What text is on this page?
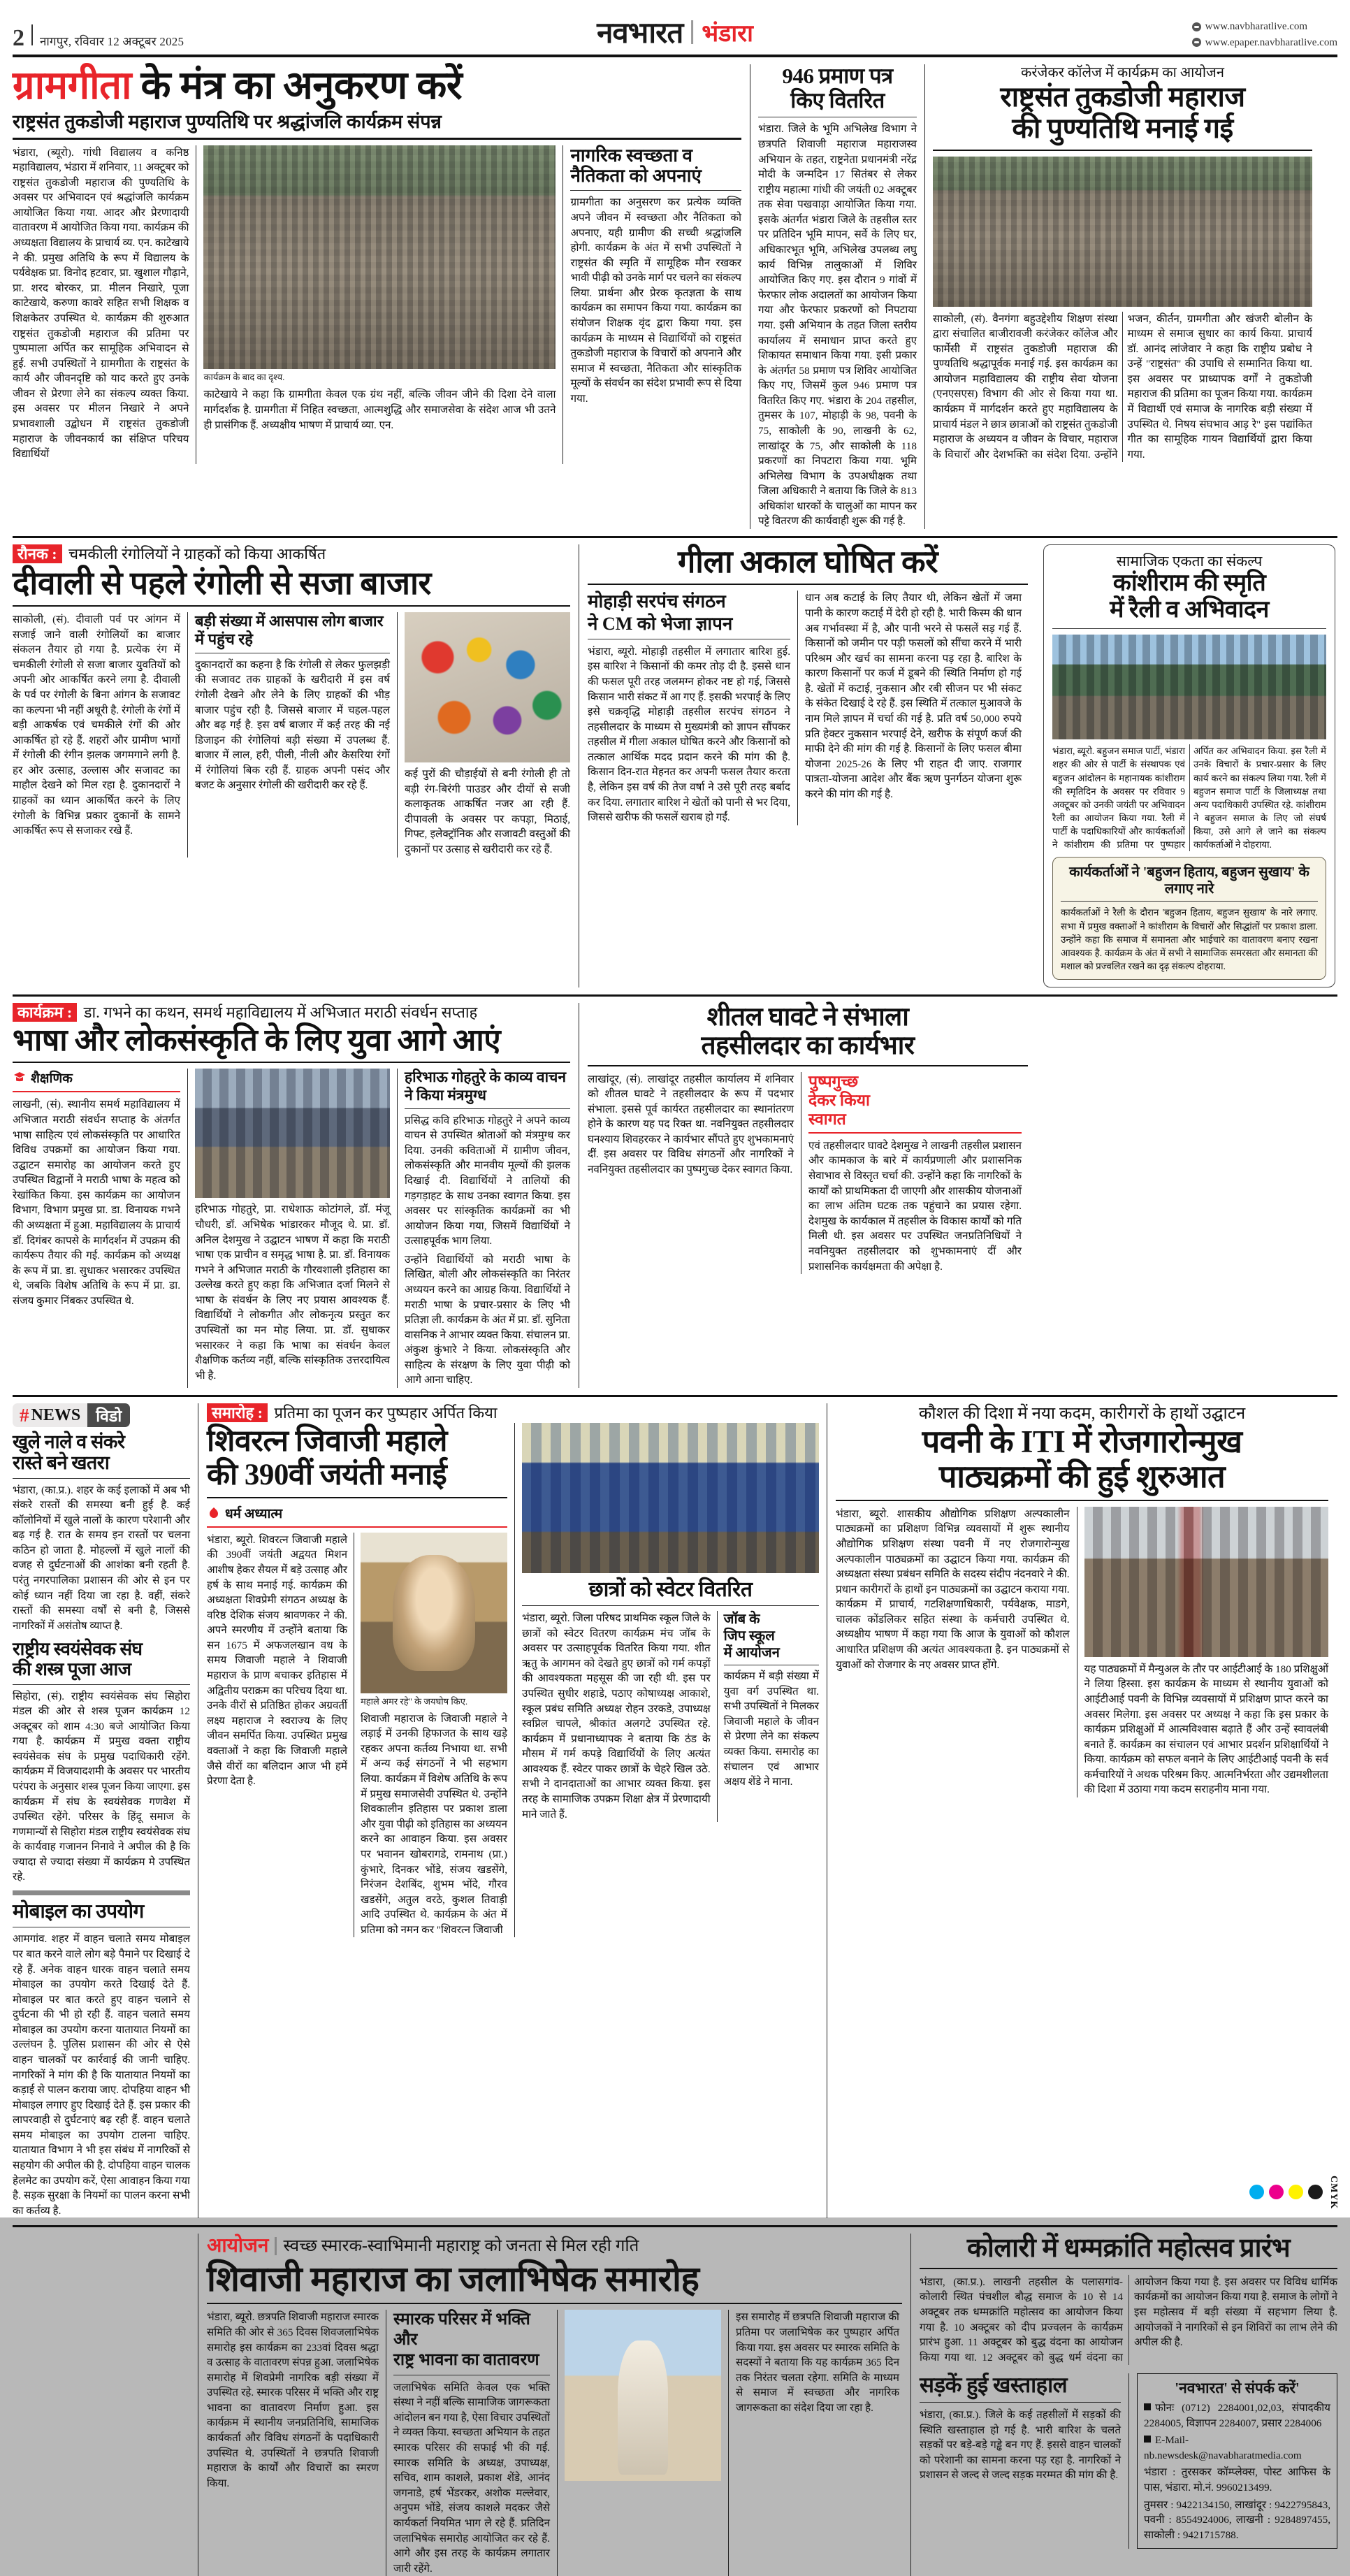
2 नागपुर, रविवार 12 अक्टूबर 2025	नवभारत भंडारा	www.navbharatlive.com
www.epaper.navbharatlive.com
ग्रामगीता के मंत्र का अनुकरण करें
राष्ट्रसंत तुकडोजी महाराज पुण्यतिथि पर श्रद्धांजलि कार्यक्रम संपन्न

भंडारा, (ब्यूरो). गांधी विद्यालय व कनिष्ठ महाविद्यालय, भंडारा में शनिवार, 11 अक्टूबर को राष्ट्रसंत तुकडोजी महाराज की पुण्यतिथि के अवसर पर अभिवादन एवं श्रद्धांजलि कार्यक्रम आयोजित किया गया. आदर और प्रेरणादायी वातावरण में आयोजित किया गया. कार्यक्रम की अध्यक्षता विद्यालय के प्राचार्य व्य. एन. काटेखाये ने की. प्रमुख अतिथि के रूप में विद्यालय के पर्यवेक्षक प्रा. विनोद हटवार, प्रा. खुशाल गौढ़ाने, प्रा. शरद बोरकर, प्रा. मीलन निखारे, पूजा काटेखाये, करुणा कावरे सहित सभी शिक्षक व शिक्षकेतर उपस्थित थे. कार्यक्रम की शुरुआत राष्ट्रसंत तुकडोजी महाराज की प्रतिमा पर पुष्पमाला अर्पित कर सामूहिक अभिवादन से हुई. सभी उपस्थितों ने ग्रामगीता के राष्ट्रसंत के कार्य और जीवनदृष्टि को याद करते हुए उनके जीवन से प्रेरणा लेने का संकल्प व्यक्त किया. इस अवसर पर मीलन निखारे ने अपने प्रभावशाली उद्बोधन में राष्ट्रसंत तुकडोजी महाराज के जीवनकार्य का संक्षिप्त परिचय विद्यार्थियों

कार्यक्रम के बाद का दृश्य.

काटेखाये ने कहा कि ग्रामगीता केवल एक ग्रंथ नहीं, बल्कि जीवन जीने की दिशा देने वाला मार्गदर्शक है. ग्रामगीता में निहित स्वच्छता, आत्मशुद्धि और समाजसेवा के संदेश आज भी उतने ही प्रासंगिक हैं. अध्यक्षीय भाषण में प्राचार्य व्या. एन.

नागरिक स्वच्छता व नैतिकता को अपनाएं
ग्रामगीता का अनुसरण कर प्रत्येक व्यक्ति अपने जीवन में स्वच्छता और नैतिकता को अपनाए, यही ग्रामीण की सच्ची श्रद्धांजलि होगी. कार्यक्रम के अंत में सभी उपस्थितों ने राष्ट्रसंत की स्मृति में सामूहिक मौन रखकर भावी पीढ़ी को उनके मार्ग पर चलने का संकल्प लिया. प्रार्थना और प्रेरक कृतज्ञता के साथ कार्यक्रम का समापन किया गया. कार्यक्रम का संयोजन शिक्षक वृंद द्वारा किया गया. इस कार्यक्रम के माध्यम से विद्यार्थियों को राष्ट्रसंत तुकडोजी महाराज के विचारों को अपनाने और समाज में स्वच्छता, नैतिकता और सांस्कृतिक मूल्यों के संवर्धन का संदेश प्रभावी रूप से दिया गया.
946 प्रमाण पत्र
किए वितरित
भंडारा. जिले के भूमि अभिलेख विभाग ने छत्रपति शिवाजी महाराज महाराजस्व अभियान के तहत, राष्ट्रनेता प्रधानमंत्री नरेंद्र मोदी के जन्मदिन 17 सितंबर से लेकर राष्ट्रीय महात्मा गांधी की जयंती 02 अक्टूबर तक सेवा पखवाड़ा आयोजित किया गया. इसके अंतर्गत भंडारा जिले के तहसील स्तर पर प्रतिदिन भूमि मापन, सर्वे के लिए घर, अधिकारभूत भूमि, अभिलेख उपलब्ध लघु कार्य विभिन्न तालुकाओं में शिविर आयोजित किए गए. इस दौरान 9 गांवों में फेरफार लोक अदालतों का आयोजन किया गया और फेरफार प्रकरणों को निपटाया गया. इसी अभियान के तहत जिला स्तरीय कार्यालय में समाधान प्राप्त करते हुए शिकायत समाधान किया गया. इसी प्रकार के अंतर्गत 58 प्रमाण पत्र शिविर आयोजित किए गए, जिसमें कुल 946 प्रमाण पत्र वितरित किए गए. भंडारा के 204 तहसील, तुमसर के 107, मोहाड़ी के 98, पवनी के 75, साकोली के 90, लाखनी के 62, लाखांदूर के 75, और साकोली के 118 प्रकरणों का निपटारा किया गया. भूमि अभिलेख विभाग के उपअधीक्षक तथा जिला अधिकारी ने बताया कि जिले के 813 अधिकांश धारकों के चालुओं का मापन कर पट्टे वितरण की कार्यवाही शुरू की गई है.
करंजेकर कॉलेज में कार्यक्रम का आयोजन
राष्ट्रसंत तुकडोजी महाराज
की पुण्यतिथि मनाई गई
साकोली, (सं). वैनगंगा बहुउद्देशीय शिक्षण संस्था द्वारा संचालित बाजीरावजी करंजेकर कॉलेज और फार्मेसी में राष्ट्रसंत तुकडोजी महाराज की पुण्यतिथि श्रद्धापूर्वक मनाई गई. इस कार्यक्रम का आयोजन महाविद्यालय की राष्ट्रीय सेवा योजना (एनएसएस) विभाग की ओर से किया गया था. कार्यक्रम में मार्गदर्शन करते हुए महाविद्यालय के प्राचार्य मंडल ने छात्र छात्राओं को राष्ट्रसंत तुकडोजी महाराज के अध्ययन व जीवन के विचार, महाराज के विचारों और देशभक्ति का संदेश दिया. उन्होंने भजन, कीर्तन, ग्रामगीता और खंजरी बोलीन के माध्यम से समाज सुधार का कार्य किया. प्राचार्य डॉ. आनंद लांजेवार ने कहा कि राष्ट्रीय प्रबोध ने उन्हें "राष्ट्रसंत" की उपाधि से सम्मानित किया था. इस अवसर पर प्राध्यापक वर्गों ने तुकडोजी महाराज की प्रतिमा का पूजन किया गया. कार्यक्रम में विद्यार्थी एवं समाज के नागरिक बड़ी संख्या में उपस्थित थे. निषय संघभाव आड़ रे" इस पद्यांकित गीत का सामूहिक गायन विद्यार्थियों द्वारा किया गया.
रौनक : चमकीली रंगोलियों ने ग्राहकों को किया आकर्षित
दीवाली से पहले रंगोली से सजा बाजार

साकोली, (सं). दीवाली पर्व पर आंगन में सजाई जाने वाली रंगोलियों का बाजार संकलन तैयार हो गया है. प्रत्येक रंग में चमकीली रंगोली से सजा बाजार युवतियों को अपनी ओर आकर्षित करने लगा है. दीवाली के पर्व पर रंगोली के बिना आंगन के सजावट का कल्पना भी नहीं अधूरी है. रंगोली के रंगों में बड़ी आकर्षक एवं चमकीले रंगों की ओर आकर्षित हो रहे हैं. शहरों और ग्रामीण भागों में रंगोली की रंगीन झलक जगमगाने लगी है. हर ओर उत्साह, उल्लास और सजावट का माहौल देखने को मिल रहा है. दुकानदारों ने ग्राहकों का ध्यान आकर्षित करने के लिए रंगोली के विभिन्न प्रकार दुकानों के सामने आकर्षित रूप से सजाकर रखे हैं.

बड़ी संख्या में आसपास लोग बाजार में पहुंच रहे
दुकानदारों का कहना है कि रंगोली से लेकर फुलझड़ी की सजावट तक ग्राहकों के खरीदारी में इस वर्ष रंगोली देखने और लेने के लिए ग्राहकों की भीड़ बाजार पहुंच रही है. जिससे बाजार में चहल-पहल और बढ़ गई है. इस वर्ष बाजार में कई तरह की नई डिजाइन की रंगोलियां बड़ी संख्या में उपलब्ध हैं. बाजार में लाल, हरी, पीली, नीली और केसरिया रंगों में रंगोलियां बिक रही हैं. ग्राहक अपनी पसंद और बजट के अनुसार रंगोली की खरीदारी कर रहे हैं.
कई पुरों की चौड़ाईयों से बनी रंगोली ही तो बड़ी रंग-बिरंगी पाउडर और दीयों से सजी कलाकृतक आकर्षित नजर आ रही हैं. दीपावली के अवसर पर कपड़ा, मिठाई, गिफ्ट, इलेक्ट्रॉनिक और सजावटी वस्तुओं की दुकानों पर उत्साह से खरीदारी कर रहे हैं.
गीला अकाल घोषित करें
मोहाड़ी सरपंच संगठन
ने CM को भेजा ज्ञापन
भंडारा, ब्यूरो. मोहाड़ी तहसील में लगातार बारिश हुई. इस बारिश ने किसानों की कमर तोड़ दी है. इससे धान की फसल पूरी तरह जलमग्न होकर नष्ट हो गई, जिससे किसान भारी संकट में आ गए हैं. इसकी भरपाई के लिए इसे चक्रवृद्धि मोहाड़ी तहसील सरपंच संगठन ने तहसीलदार के माध्यम से मुख्यमंत्री को ज्ञापन सौंपकर तहसील में गीला अकाल घोषित करने और किसानों को तत्काल आर्थिक मदद प्रदान करने की मांग की है. किसान दिन-रात मेहनत कर अपनी फसल तैयार करता है, लेकिन इस वर्ष की तेज वर्षा ने उसे पूरी तरह बर्बाद कर दिया. लगातार बारिश ने खेतों को पानी से भर दिया, जिससे खरीफ की फसलें खराब हो गईं.
धान अब कटाई के लिए तैयार थी, लेकिन खेतों में जमा पानी के कारण कटाई में देरी हो रही है. भारी किस्म की धान अब गर्भावस्था में है, और पानी भरने से फसलें सड़ गई हैं. किसानों को जमीन पर पड़ी फसलों को सींचा करने में भारी परिश्रम और खर्च का सामना करना पड़ रहा है. बारिश के कारण किसानों पर कर्ज में डूबने की स्थिति निर्माण हो गई है. खेतों में कटाई, नुकसान और रबी सीजन पर भी संकट के संकेत दिखाई दे रहे हैं. इस स्थिति में तत्काल मुआवजे के नाम मिले ज्ञापन में चर्चा की गई है. प्रति वर्ष 50,000 रुपये प्रति हेक्टर नुकसान भरपाई देने, खरीफ के संपूर्ण कर्ज की माफी देने की मांग की गई है. किसानों के लिए फसल बीमा योजना 2025-26 के लिए भी राहत दी जाए. राजगार पात्रता-योजना आदेश और बैंक ऋण पुनर्गठन योजना शुरू करने की मांग की गई है.
सामाजिक एकता का संकल्प
कांशीराम की स्मृति
में रैली व अभिवादन
भंडारा, ब्यूरो. बहुजन समाज पार्टी, भंडारा शहर की ओर से पार्टी के संस्थापक एवं बहुजन आंदोलन के महानायक कांशीराम की स्मृतिदिन के अवसर पर रविवार 9 अक्टूबर को उनकी जयंती पर अभिवादन रैली का आयोजन किया गया. रैली में पार्टी के पदाधिकारियों और कार्यकर्ताओं ने कांशीराम की प्रतिमा पर पुष्पहार अर्पित कर अभिवादन किया. इस रैली में उनके विचारों के प्रचार-प्रसार के लिए कार्य करने का संकल्प लिया गया. रैली में बहुजन समाज पार्टी के जिलाध्यक्ष तथा अन्य पदाधिकारी उपस्थित रहे. कांशीराम ने बहुजन समाज के लिए जो संघर्ष किया, उसे आगे ले जाने का संकल्प कार्यकर्ताओं ने दोहराया.
कार्यकर्ताओं ने 'बहुजन हिताय, बहुजन सुखाय' के लगाए नारे
कार्यकर्ताओं ने रैली के दौरान 'बहुजन हिताय, बहुजन सुखाय' के नारे लगाए. सभा में प्रमुख वक्ताओं ने कांशीराम के विचारों और सिद्धांतों पर प्रकाश डाला. उन्होंने कहा कि समाज में समानता और भाईचारे का वातावरण बनाए रखना आवश्यक है. कार्यक्रम के अंत में सभी ने सामाजिक समरसता और समानता की मशाल को प्रज्वलित रखने का दृढ़ संकल्प दोहराया.
कार्यक्रम : डा. गभने का कथन, समर्थ महाविद्यालय में अभिजात मराठी संवर्धन सप्ताह
भाषा और लोकसंस्कृति के लिए युवा आगे आएं
शैक्षणिक
लाखनी, (सं). स्थानीय समर्थ महाविद्यालय में अभिजात मराठी संवर्धन सप्ताह के अंतर्गत भाषा साहित्य एवं लोकसंस्कृति पर आधारित विविध उपक्रमों का आयोजन किया गया. उद्घाटन समारोह का आयोजन करते हुए उपस्थित विद्वानों ने मराठी भाषा के महत्व को रेखांकित किया. इस कार्यक्रम का आयोजन विभाग, विभाग प्रमुख प्रा. डा. विनायक गभने की अध्यक्षता में हुआ. महाविद्यालय के प्राचार्य डॉ. दिगंबर कापसे के मार्गदर्शन में उपक्रम की कार्यरूप तैयार की गई. कार्यक्रम को अध्यक्ष के रूप में प्रा. डा. सुधाकर भसारकर उपस्थित थे, जबकि विशेष अतिथि के रूप में प्रा. डा. संजय कुमार निंबकर उपस्थित थे.
हरिभाऊ गोहतुरे, प्रा. राधेशाऊ कोटांगले, डॉ. मंजू चौधरी, डॉ. अभिषेक भांडारकर मौजूद थे. प्रा. डॉ. अनिल देशमुख ने उद्घाटन भाषण में कहा कि मराठी भाषा एक प्राचीन व समृद्ध भाषा है. प्रा. डॉ. विनायक गभने ने अभिजात मराठी के गौरवशाली इतिहास का उल्लेख करते हुए कहा कि अभिजात दर्जा मिलने से भाषा के संवर्धन के लिए नए प्रयास आवश्यक हैं. विद्यार्थियों ने लोकगीत और लोकनृत्य प्रस्तुत कर उपस्थितों का मन मोह लिया. प्रा. डॉ. सुधाकर भसारकर ने कहा कि भाषा का संवर्धन केवल शैक्षणिक कर्तव्य नहीं, बल्कि सांस्कृतिक उत्तरदायित्व भी है.
हरिभाऊ गोहतुरे के काव्य वाचन ने किया मंत्रमुग्ध
प्रसिद्ध कवि हरिभाऊ गोहतुरे ने अपने काव्य वाचन से उपस्थित श्रोताओं को मंत्रमुग्ध कर दिया. उनकी कविताओं में ग्रामीण जीवन, लोकसंस्कृति और मानवीय मूल्यों की झलक दिखाई दी. विद्यार्थियों ने तालियों की गड़गड़ाहट के साथ उनका स्वागत किया. इस अवसर पर सांस्कृतिक कार्यक्रमों का भी आयोजन किया गया, जिसमें विद्यार्थियों ने उत्साहपूर्वक भाग लिया.
उन्होंने विद्यार्थियों को मराठी भाषा के लिखित, बोली और लोकसंस्कृति का निरंतर अध्ययन करने का आग्रह किया. विद्यार्थियों ने मराठी भाषा के प्रचार-प्रसार के लिए भी प्रतिज्ञा ली. कार्यक्रम के अंत में प्रा. डॉ. सुनिता वासनिक ने आभार व्यक्त किया. संचालन प्रा. अंकुश कुंभारे ने किया. लोकसंस्कृति और साहित्य के संरक्षण के लिए युवा पीढ़ी को आगे आना चाहिए.
शीतल घावटे ने संभाला
तहसीलदार का कार्यभार
लाखांदूर, (सं). लाखांदूर तहसील कार्यालय में शनिवार को शीतल घावटे ने तहसीलदार के रूप में पदभार संभाला. इससे पूर्व कार्यरत तहसीलदार का स्थानांतरण होने के कारण यह पद रिक्त था. नवनियुक्त तहसीलदार घनश्याय शिवहरकर ने कार्यभार सौंपते हुए शुभकामनाएं दीं. इस अवसर पर विविध संगठनों और नागरिकों ने नवनियुक्त तहसीलदार का पुष्पगुच्छ देकर स्वागत किया.
पुष्पगुच्छ
देकर किया
स्वागत
एवं तहसीलदार घावटे देशमुख ने लाखनी तहसील प्रशासन और कामकाज के बारे में कार्यप्रणाली और प्रशासनिक सेवाभाव से विस्तृत चर्चा की. उन्होंने कहा कि नागरिकों के कार्यों को प्राथमिकता दी जाएगी और शासकीय योजनाओं का लाभ अंतिम घटक तक पहुंचाने का प्रयास रहेगा. देशमुख के कार्यकाल में तहसील के विकास कार्यों को गति मिली थी. इस अवसर पर उपस्थित जनप्रतिनिधियों ने नवनियुक्त तहसीलदार को शुभकामनाएं दीं और प्रशासनिक कार्यक्षमता की अपेक्षा है.
# NEWS विडो
खुले नाले व संकरे
रास्ते बने खतरा
भंडारा, (का.प्र.). शहर के कई इलाकों में अब भी संकरे रास्तों की समस्या बनी हुई है. कई कॉलोनियों में खुले नालों के कारण परेशानी और बढ़ गई है. रात के समय इन रास्तों पर चलना कठिन हो जाता है. मोहल्लों में खुले नालों की वजह से दुर्घटनाओं की आशंका बनी रहती है. परंतु नगरपालिका प्रशासन की ओर से इन पर कोई ध्यान नहीं दिया जा रहा है. वहीं, संकरे रास्तों की समस्या वर्षों से बनी है, जिससे नागरिकों में असंतोष व्याप्त है.
राष्ट्रीय स्वयंसेवक संघ
की शस्त्र पूजा आज
सिहोरा, (सं). राष्ट्रीय स्वयंसेवक संघ सिहोरा मंडल की ओर से शस्त्र पूजन कार्यक्रम 12 अक्टूबर को शाम 4:30 बजे आयोजित किया गया है. कार्यक्रम में प्रमुख वक्ता राष्ट्रीय स्वयंसेवक संघ के प्रमुख पदाधिकारी रहेंगे. कार्यक्रम में विजयादशमी के अवसर पर भारतीय परंपरा के अनुसार शस्त्र पूजन किया जाएगा. इस कार्यक्रम में संघ के स्वयंसेवक गणवेश में उपस्थित रहेंगे. परिसर के हिंदू समाज के गणमान्यों से सिहोरा मंडल राष्ट्रीय स्वयंसेवक संघ के कार्यवाह गजानन निनावे ने अपील की है कि ज्यादा से ज्यादा संख्या में कार्यक्रम मे उपस्थित रहे.
मोबाइल का उपयोग
आमगांव. शहर में वाहन चलाते समय मोबाइल पर बात करने वाले लोग बड़े पैमाने पर दिखाई दे रहे हैं. अनेक वाहन धारक वाहन चलाते समय मोबाइल का उपयोग करते दिखाई देते हैं. मोबाइल पर बात करते हुए वाहन चलाने से दुर्घटना की भी हो रही हैं. वाहन चलाते समय मोबाइल का उपयोग करना यातायात नियमों का उल्लंघन है. पुलिस प्रशासन की ओर से ऐसे वाहन चालकों पर कार्रवाई की जानी चाहिए. नागरिकों ने मांग की है कि यातायात नियमों का कड़ाई से पालन कराया जाए. दोपहिया वाहन भी मोबाइल लगाए हुए दिखाई देते हैं. इस प्रकार की लापरवाही से दुर्घटनाएं बढ़ रही हैं. वाहन चलाते समय मोबाइल का उपयोग टालना चाहिए. यातायात विभाग ने भी इस संबंध में नागरिकों से सहयोग की अपील की है. दोपहिया वाहन चालक हेलमेट का उपयोग करें, ऐसा आवाहन किया गया है. सड़क सुरक्षा के नियमों का पालन करना सभी का कर्तव्य है.
समारोह : प्रतिमा का पूजन कर पुष्पहार अर्पित किया
शिवरत्न जिवाजी महाले
की 390वीं जयंती मनाई
धर्म अध्यात्म
भंडारा, ब्यूरो. शिवरत्न जिवाजी महाले की 390वीं जयंती अद्वयत मिशन आशीष हेकर सैयल में बड़े उत्साह और हर्ष के साथ मनाई गई. कार्यक्रम की अध्यक्षता शिवप्रेमी संगठन अध्यक्ष के वरिष्ठ देशिक संजय श्रावणकर ने की. अपने स्मरणीय में उन्होंने बताया कि सन 1675 में अफजलखान वध के समय जिवाजी महाले ने शिवाजी महाराज के प्राण बचाकर इतिहास में अद्वितीय पराक्रम का परिचय दिया था. उनके वीरों से प्रतिष्ठित होकर अग्रवर्ती लक्ष्य महाराज ने स्वराज्य के लिए जीवन समर्पित किया. उपस्थित प्रमुख वक्ताओं ने कहा कि जिवाजी महाले जैसे वीरों का बलिदान आज भी हमें प्रेरणा देता है.
महाले अमर रहे" के जयघोष किए.
शिवाजी महाराज के जिवाजी महाले ने लड़ाई में उनकी हिफाजत के साथ खड़े रहकर अपना कर्तव्य निभाया था. सभी में अन्य कई संगठनों ने भी सहभाग लिया. कार्यक्रम में विशेष अतिथि के रूप में प्रमुख समाजसेवी उपस्थित थे. उन्होंने शिवकालीन इतिहास पर प्रकाश डाला और युवा पीढ़ी को इतिहास का अध्ययन करने का आवाहन किया. इस अवसर पर भवानन खोबरागडे, रामनाथ (प्रा.) कुंभारे, दिनकर भोंडे, संजय खडसेंगे, निरंजन देशबिंद, शुभम भोंदे, गौरव खडसेंगे, अतुल वरठे, कुशल तिवाड़ी आदि उपस्थित थे. कार्यक्रम के अंत में प्रतिमा को नमन कर "शिवरत्न जिवाजी
छात्रों को स्वेटर वितरित
भंडारा, ब्यूरो. जिला परिषद प्राथमिक स्कूल जिले के छात्रों को स्वेटर वितरण कार्यक्रम मंच जॉब के अवसर पर उत्साहपूर्वक वितरित किया गया. शीत ऋतु के आगमन को देखते हुए छात्रों को गर्म कपड़ों की आवश्यकता महसूस की जा रही थी. इस पर उपस्थित सुधीर शहाडे, पठाए कोषाध्यक्ष आकाशे, स्कूल प्रबंध समिति अध्यक्ष रोहन उरकडे, उपाध्यक्ष स्वप्निल चापले, श्रीकांत अलगटे उपस्थित रहे. कार्यक्रम में प्रधानाध्यापक ने बताया कि ठंड के मौसम में गर्म कपड़े विद्यार्थियों के लिए अत्यंत आवश्यक हैं. स्वेटर पाकर छात्रों के चेहरे खिल उठे. सभी ने दानदाताओं का आभार व्यक्त किया. इस तरह के सामाजिक उपक्रम शिक्षा क्षेत्र में प्रेरणादायी माने जाते हैं.
जॉब के
जिप स्कूल
में आयोजन
कार्यक्रम में बड़ी संख्या में युवा वर्ग उपस्थित था. सभी उपस्थितों ने मिलकर जिवाजी महाले के जीवन से प्रेरणा लेने का संकल्प व्यक्त किया. समारोह का संचालन एवं आभार अक्षय शेंडे ने माना.
कौशल की दिशा में नया कदम, कारीगरों के हाथों उद्घाटन
पवनी के ITI में रोजगारोन्मुख
पाठ्यक्रमों की हुई शुरुआत
भंडारा, ब्यूरो. शासकीय औद्योगिक प्रशिक्षण अल्पकालीन पाठ्यक्रमों का प्रशिक्षण विभिन्न व्यवसायों में शुरू स्थानीय औद्योगिक प्रशिक्षण संस्था पवनी में नए रोजगारोन्मुख अल्पकालीन पाठ्यक्रमों का उद्घाटन किया गया. कार्यक्रम की अध्यक्षता संस्था प्रबंधन समिति के सदस्य संदीप नंदनवारे ने की. प्रधान कारीगरों के हाथों इन पाठ्यक्रमों का उद्घाटन कराया गया. कार्यक्रम में प्राचार्य, गटशिक्षणाधिकारी, पर्यवेक्षक, माडगे, चालक कोंडलिकर सहित संस्था के कर्मचारी उपस्थित थे. अध्यक्षीय भाषण में कहा गया कि आज के युवाओं को कौशल आधारित प्रशिक्षण की अत्यंत आवश्यकता है. इन पाठ्यक्रमों से युवाओं को रोजगार के नए अवसर प्राप्त होंगे.	यह पाठ्यक्रमों में मैन्युअल के तौर पर आईटीआई के 180 प्रशिक्षुओं ने लिया हिस्सा. इस कार्यक्रम के माध्यम से स्थानीय युवाओं को आईटीआई पवनी के विभिन्न व्यवसायों में प्रशिक्षण प्राप्त करने का अवसर मिलेगा. इस अवसर पर अध्यक्ष ने कहा कि इस प्रकार के कार्यक्रम प्रशिक्षुओं में आत्मविश्वास बढ़ाते हैं और उन्हें स्वावलंबी बनाते हैं. कार्यक्रम का संचालन एवं आभार प्रदर्शन प्रशिक्षार्थियों ने किया. कार्यक्रम को सफल बनाने के लिए आईटीआई पवनी के सर्व कर्मचारियों ने अथक परिश्रम किए. आत्मनिर्भरता और उद्यमशीलता की दिशा में उठाया गया कदम सराहनीय माना गया.
आयोजन स्वच्छ स्मारक-स्वाभिमानी महाराष्ट्र को जनता से मिल रही गति
शिवाजी महाराज का जलाभिषेक समारोह
भंडारा, ब्यूरो. छत्रपति शिवाजी महाराज स्मारक समिति की ओर से 365 दिवस शिवजलाभिषेक समारोह इस कार्यक्रम का 233वां दिवस श्रद्धा व उत्साह के वातावरण संपन्न हुआ. जलाभिषेक समारोह में शिवप्रेमी नागरिक बड़ी संख्या में उपस्थित रहे. स्मारक परिसर में भक्ति और राष्ट्र भावना का वातावरण निर्माण हुआ. इस कार्यक्रम में स्थानीय जनप्रतिनिधि, सामाजिक कार्यकर्ता और विविध संगठनों के पदाधिकारी उपस्थित थे. उपस्थितों ने छत्रपति शिवाजी महाराज के कार्यों और विचारों का स्मरण किया.
स्मारक परिसर में भक्ति और
राष्ट्र भावना का वातावरण
जलाभिषेक समिति केवल एक भक्ति संस्था ने नहीं बल्कि सामाजिक जागरूकता आंदोलन बन गया है, ऐसा विचार उपस्थितों ने व्यक्त किया. स्वच्छता अभियान के तहत स्मारक परिसर की सफाई भी की गई. स्मारक समिति के अध्यक्ष, उपाध्यक्ष, सचिव, शाम काशले, प्रकाश शेंडे, आनंद जगनाडे, हर्ष भेंडरकर, अशोक मल्लेवार, अनुपम भोंडे, संजय काशले मदकर जैसे कार्यकर्ता नियमित भाग ले रहे हैं. प्रतिदिन जलाभिषेक समारोह आयोजित कर रहे हैं. आगे और इस तरह के कार्यक्रम लगातार जारी रहेंगे.
इस समारोह में छत्रपति शिवाजी महाराज की प्रतिमा पर जलाभिषेक कर पुष्पहार अर्पित किया गया. इस अवसर पर स्मारक समिति के सदस्यों ने बताया कि यह कार्यक्रम 365 दिन तक निरंतर चलता रहेगा. समिति के माध्यम से समाज में स्वच्छता और नागरिक जागरूकता का संदेश दिया जा रहा है.
कोलारी में धम्मक्रांति महोत्सव प्रारंभ
भंडारा, (का.प्र.). लाखनी तहसील के पलासगांव-कोलारी स्थित पंचशील बौद्ध समाज के 10 से 14 अक्टूबर तक धम्मक्रांति महोत्सव का आयोजन किया गया है. 10 अक्टूबर को दीप प्रज्वलन के कार्यक्रम प्रारंभ हुआ. 11 अक्टूबर को बुद्ध वंदना का आयोजन किया गया था. 12 अक्टूबर को बुद्ध धर्म वंदना का आयोजन किया गया है. इस अवसर पर विविध धार्मिक कार्यक्रमों का आयोजन किया गया है. समाज के लोगों ने इस महोत्सव में बड़ी संख्या में सहभाग लिया है. आयोजकों ने नागरिकों से इन शिविरों का लाभ लेने की अपील की है.
सड़कें हुई खस्ताहाल
भंडारा, (का.प्र.). जिले के कई तहसीलों में सड़कों की स्थिति खस्ताहाल हो गई है. भारी बारिश के चलते सड़कों पर बड़े-बड़े गड्ढे बन गए हैं. इससे वाहन चालकों को परेशानी का सामना करना पड़ रहा है. नागरिकों ने प्रशासन से जल्द से जल्द सड़क मरम्मत की मांग की है.
'नवभारत' से संपर्क करें'
फोनः (0712) 2284001,02,03, संपादकीय 2284005, विज्ञापन 2284007, प्रसार 2284006
E-Mail-nb.newsdesk@navabharatmedia.com
भंडारा : तुरसकर कॉम्प्लेक्स, पोस्ट आफिस के पास, भंडारा. मो.नं. 9960213499.
तुमसर : 9422134150, लाखांदूर : 9422795843, पवनी : 8554924006, लाखनी : 9284897455, साकोली : 9421715788.
CMYK
